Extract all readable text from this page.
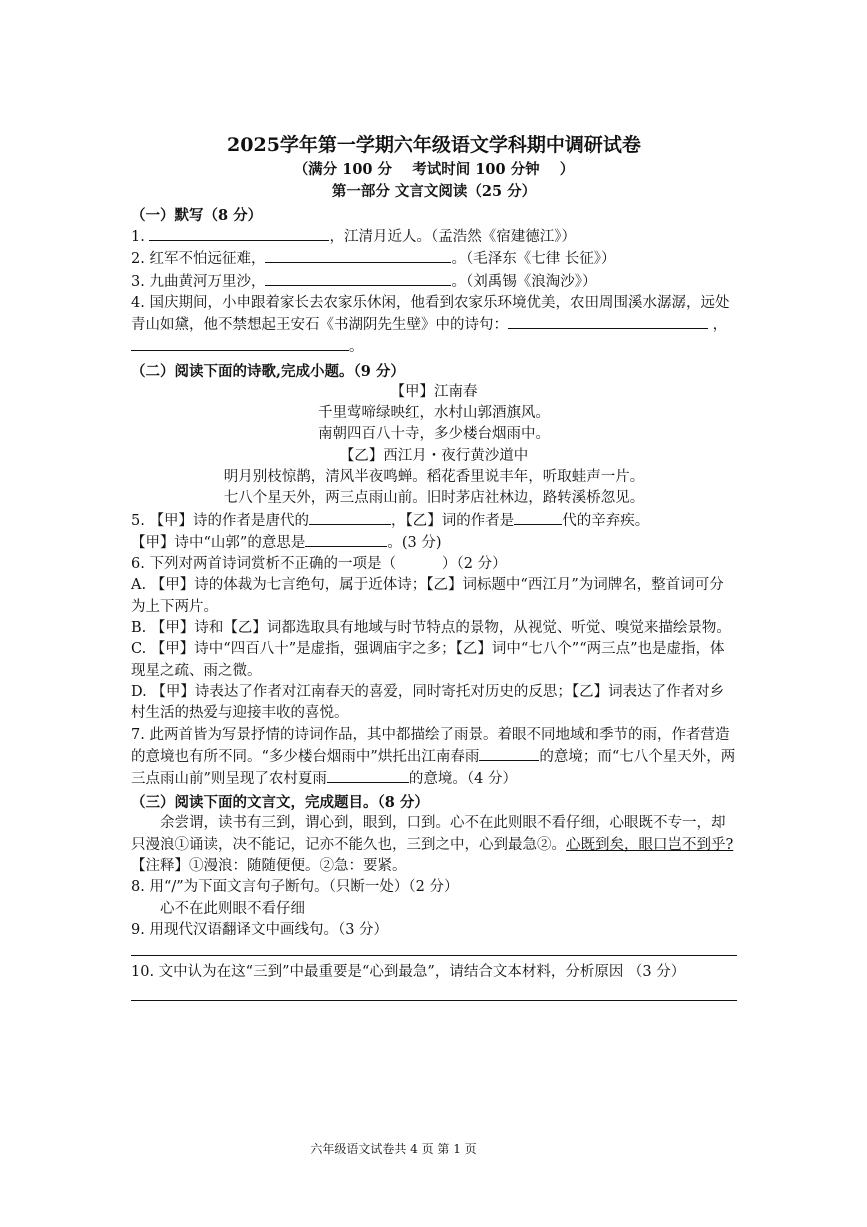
2025学年第一学期六年级语文学科期中调研试卷
（满分 100 分    考试时间 100 分钟    ）
第一部分 文言文阅读（25 分）
（一）默写（8 分）

1.	，江清月近人。（孟浩然《宿建德江》）

2. 红军不怕远征难，	。（毛泽东《七律 长征》）

3. 九曲黄河万里沙，	。（刘禹锡《浪淘沙》）

4. 国庆期间，小申跟着家长去农家乐休闲，他看到农家乐环境优美，农田周围溪水潺潺，远处青山如黛，他不禁想起王安石《书湖阴先生壁》中的诗句：	，。

（二）阅读下面的诗歌,完成小题。（9 分）

【甲】江南春

千里莺啼绿映红，水村山郭酒旗风。

南朝四百八十寺，多少楼台烟雨中。

【乙】西江月・夜行黄沙道中

明月别枝惊鹊，清风半夜鸣蝉。稻花香里说丰年，听取蛙声一片。

七八个星天外，两三点雨山前。旧时茅店社林边，路转溪桥忽见。

5. 【甲】诗的作者是唐代的	，【乙】词的作者是	代的辛弃疾。

【甲】诗中“山郭”的意思是	。(3 分)

6. 下列对两首诗词赏析不正确的一项是（          ）（2 分）

A. 【甲】诗的体裁为七言绝句，属于近体诗；【乙】词标题中“西江月”为词牌名，整首词可分为上下两片。

B. 【甲】诗和【乙】词都选取具有地域与时节特点的景物，从视觉、听觉、嗅觉来描绘景物。

C. 【甲】诗中“四百八十”是虚指，强调庙宇之多；【乙】词中“七八个”“两三点”也是虚指，体现星之疏、雨之微。

D. 【甲】诗表达了作者对江南春天的喜爱，同时寄托对历史的反思；【乙】词表达了作者对乡村生活的热爱与迎接丰收的喜悦。

7. 此两首皆为写景抒情的诗词作品，其中都描绘了雨景。着眼不同地域和季节的雨，作者营造的意境也有所不同。“多少楼台烟雨中”烘托出江南春雨	的意境；而“七八个星天外，两三点雨山前”则呈现了农村夏雨	的意境。（4 分）

（三）阅读下面的文言文，完成题目。（8 分）

余尝谓，读书有三到，谓心到，眼到，口到。心不在此则眼不看仔细，心眼既不专一，却只漫浪①诵读，决不能记，记亦不能久也，三到之中，心到最急②。心既到矣，眼口岂不到乎?

【注释】①漫浪：随随便便。②急：要紧。

8. 用“/”为下面文言句子断句。（只断一处）（2 分）

心不在此则眼不看仔细

9. 用现代汉语翻译文中画线句。（3 分）

10. 文中认为在这“三到”中最重要是“心到最急”，请结合文本材料，分析原因 （3 分）

六年级语文试卷共 4 页 第 1 页
